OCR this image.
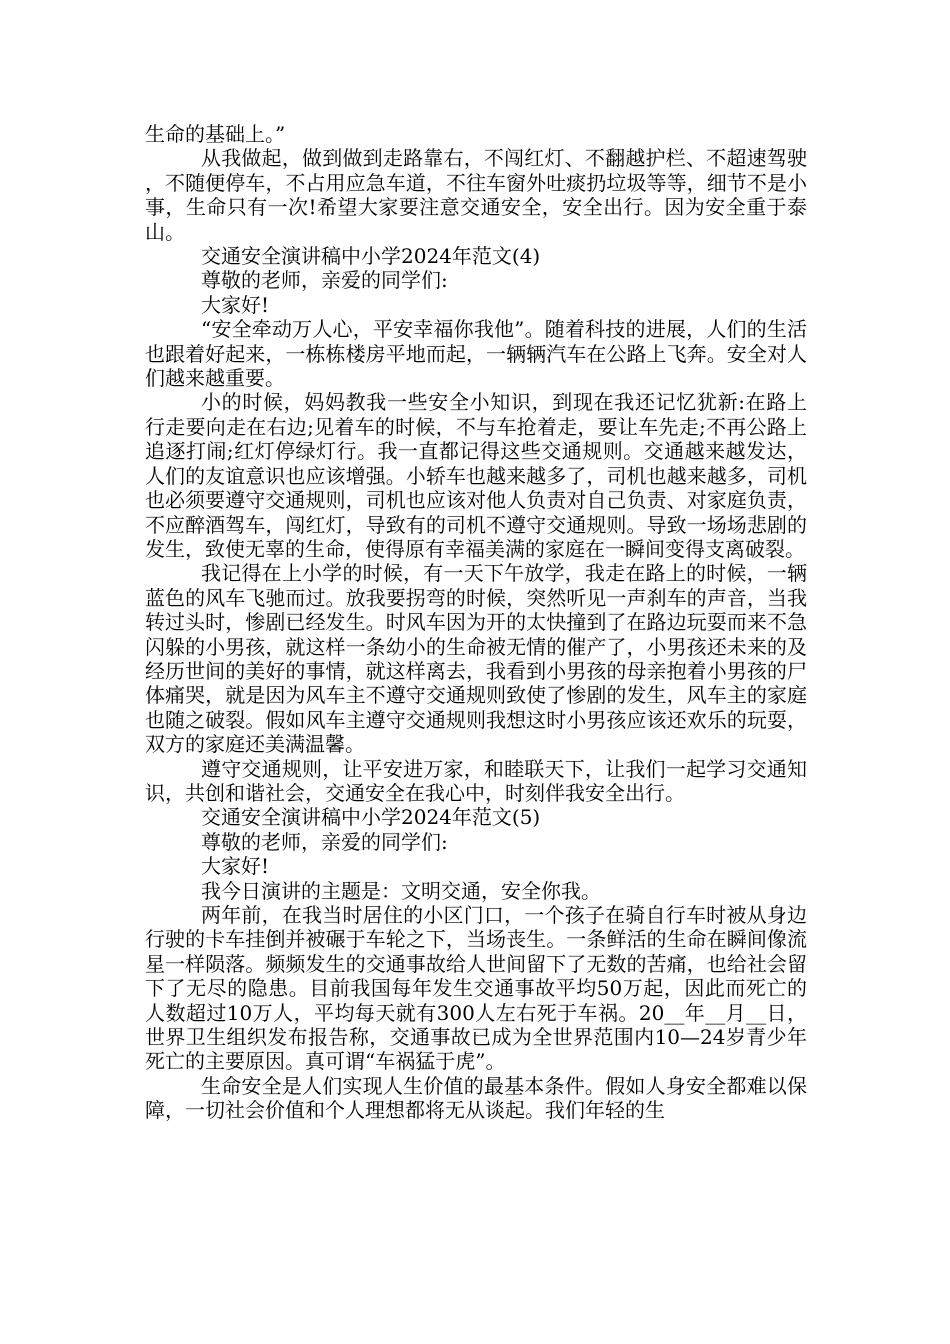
生命的基础上。”

从我做起，做到做到走路靠右，不闯红灯、不翻越护栏、不超速驾驶，不随便停车，不占用应急车道，不往车窗外吐痰扔垃圾等等，细节不是小事，生命只有一次!希望大家要注意交通安全，安全出行。因为安全重于泰山。

交通安全演讲稿中小学2024年范文(4)

尊敬的老师，亲爱的同学们:

大家好!

“安全牵动万人心，平安幸福你我他”。随着科技的进展，人们的生活也跟着好起来，一栋栋楼房平地而起，一辆辆汽车在公路上飞奔。安全对人们越来越重要。

小的时候，妈妈教我一些安全小知识，到现在我还记忆犹新:在路上行走要向走在右边;见着车的时候，不与车抢着走，要让车先走;不再公路上追逐打闹;红灯停绿灯行。我一直都记得这些交通规则。交通越来越发达，人们的友谊意识也应该增强。小轿车也越来越多了，司机也越来越多，司机也必须要遵守交通规则，司机也应该对他人负责对自己负责、对家庭负责，不应醉酒驾车，闯红灯，导致有的司机不遵守交通规则。导致一场场悲剧的发生，致使无辜的生命，使得原有幸福美满的家庭在一瞬间变得支离破裂。

我记得在上小学的时候，有一天下午放学，我走在路上的时候，一辆蓝色的风车飞驰而过。放我要拐弯的时候，突然听见一声刹车的声音，当我转过头时，惨剧已经发生。时风车因为开的太快撞到了在路边玩耍而来不急闪躲的小男孩，就这样一条幼小的生命被无情的催产了，小男孩还未来的及经历世间的美好的事情，就这样离去，我看到小男孩的母亲抱着小男孩的尸体痛哭，就是因为风车主不遵守交通规则致使了惨剧的发生，风车主的家庭也随之破裂。假如风车主遵守交通规则我想这时小男孩应该还欢乐的玩耍，双方的家庭还美满温馨。

遵守交通规则，让平安进万家，和睦联天下，让我们一起学习交通知识，共创和谐社会，交通安全在我心中，时刻伴我安全出行。

交通安全演讲稿中小学2024年范文(5)

尊敬的老师，亲爱的同学们:

大家好!

我今日演讲的主题是：文明交通，安全你我。

两年前，在我当时居住的小区门口，一个孩子在骑自行车时被从身边行驶的卡车挂倒并被碾于车轮之下，当场丧生。一条鲜活的生命在瞬间像流星一样陨落。频频发生的交通事故给人世间留下了无数的苦痛，也给社会留下了无尽的隐患。目前我国每年发生交通事故平均50万起，因此而死亡的人数超过10万人，平均每天就有300人左右死于车祸。20__年__月__日，世界卫生组织发布报告称，交通事故已成为全世界范围内10—24岁青少年死亡的主要原因。真可谓“车祸猛于虎”。

生命安全是人们实现人生价值的最基本条件。假如人身安全都难以保障，一切社会价值和个人理想都将无从谈起。我们年轻的生
